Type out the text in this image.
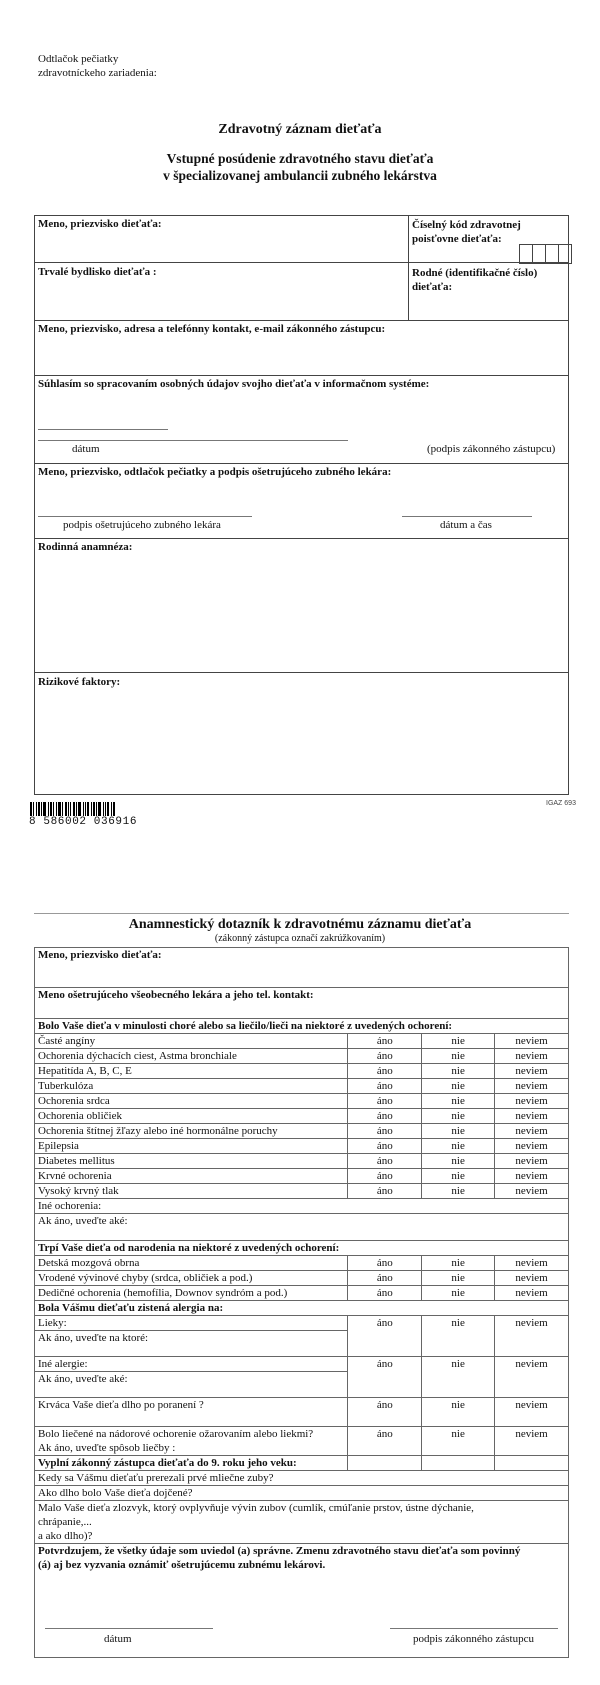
Odtlačok pečiatky
zdravotníckeho zariadenia:
Zdravotný záznam dieťaťa
Vstupné posúdenie zdravotného stavu dieťaťa
v špecializovanej ambulancii zubného lekárstva
Meno, priezvisko dieťaťa:	Číselný kód zdravotnej
poisťovne dieťaťa:
Trvalé bydlisko dieťaťa :	Rodné (identifikačné číslo)
dieťaťa:
Meno, priezvisko, adresa a telefónny kontakt, e-mail zákonného zástupcu:
Súhlasím so spracovaním osobných údajov svojho dieťaťa v informačnom systéme:
dátum	(podpis zákonného zástupcu)
Meno, priezvisko, odtlačok pečiatky a podpis ošetrujúceho zubného lekára:
podpis ošetrujúceho zubného lekára	dátum a čas
Rodinná anamnéza:
Rizikové faktory:
IGAZ 693
8 586002 036916
Anamnestický dotazník k zdravotnému záznamu dieťaťa
(zákonný zástupca označí zakrúžkovaním)
Meno, priezvisko dieťaťa:			
Meno ošetrujúceho všeobecného lekára a jeho tel. kontakt:			
Bolo Vaše dieťa v minulosti choré alebo sa liečilo/lieči na niektoré z uvedených ochorení:			
Časté angíny	áno	nie	neviem
Ochorenia dýchacích ciest, Astma bronchiale	áno	nie	neviem
Hepatitída A, B, C, E	áno	nie	neviem
Tuberkulóza	áno	nie	neviem
Ochorenia srdca	áno	nie	neviem
Ochorenia obličiek	áno	nie	neviem
Ochorenia štítnej žľazy alebo iné hormonálne poruchy	áno	nie	neviem
Epilepsia	áno	nie	neviem
Diabetes mellitus	áno	nie	neviem
Krvné ochorenia	áno	nie	neviem
Vysoký krvný tlak	áno	nie	neviem
Iné ochorenia:			
Ak áno, uveďte aké:			
Trpí Vaše dieťa od narodenia na niektoré z uvedených ochorení:			
Detská mozgová obrna	áno	nie	neviem
Vrodené vývinové chyby (srdca, obličiek a pod.)	áno	nie	neviem
Dedičné ochorenia (hemofília, Downov syndróm a pod.)	áno	nie	neviem
Bola Vášmu dieťaťu zistená alergia na:			

Lieky:
Ak áno, uveďte na ktoré:	áno	nie	neviem

Iné alergie:
Ak áno, uveďte aké:	áno	nie	neviem
Krváca Vaše dieťa dlho po poranení ?	áno	nie	neviem

Bolo liečené na nádorové ochorenie ožarovaním alebo liekmi?
Ak áno, uveďte spôsob liečby :	áno	nie	neviem
Vyplní zákonný zástupca dieťaťa do 9. roku jeho veku:			
Kedy sa Vášmu dieťaťu prerezali prvé mliečne zuby?			
Ako dlho bolo Vaše dieťa dojčené?			

Malo Vaše dieťa zlozvyk, ktorý ovplyvňuje vývin zubov (cumlík, cmúľanie prstov, ústne dýchanie,
chrápanie,...
a ako dlho)?			

Potvrdzujem, že všetky údaje som uviedol (a) správne. Zmenu zdravotného stavu dieťaťa som povinný
(á) aj bez vyzvania oznámiť ošetrujúcemu zubnému lekárovi.
dátum podpis zákonného zástupcu			
